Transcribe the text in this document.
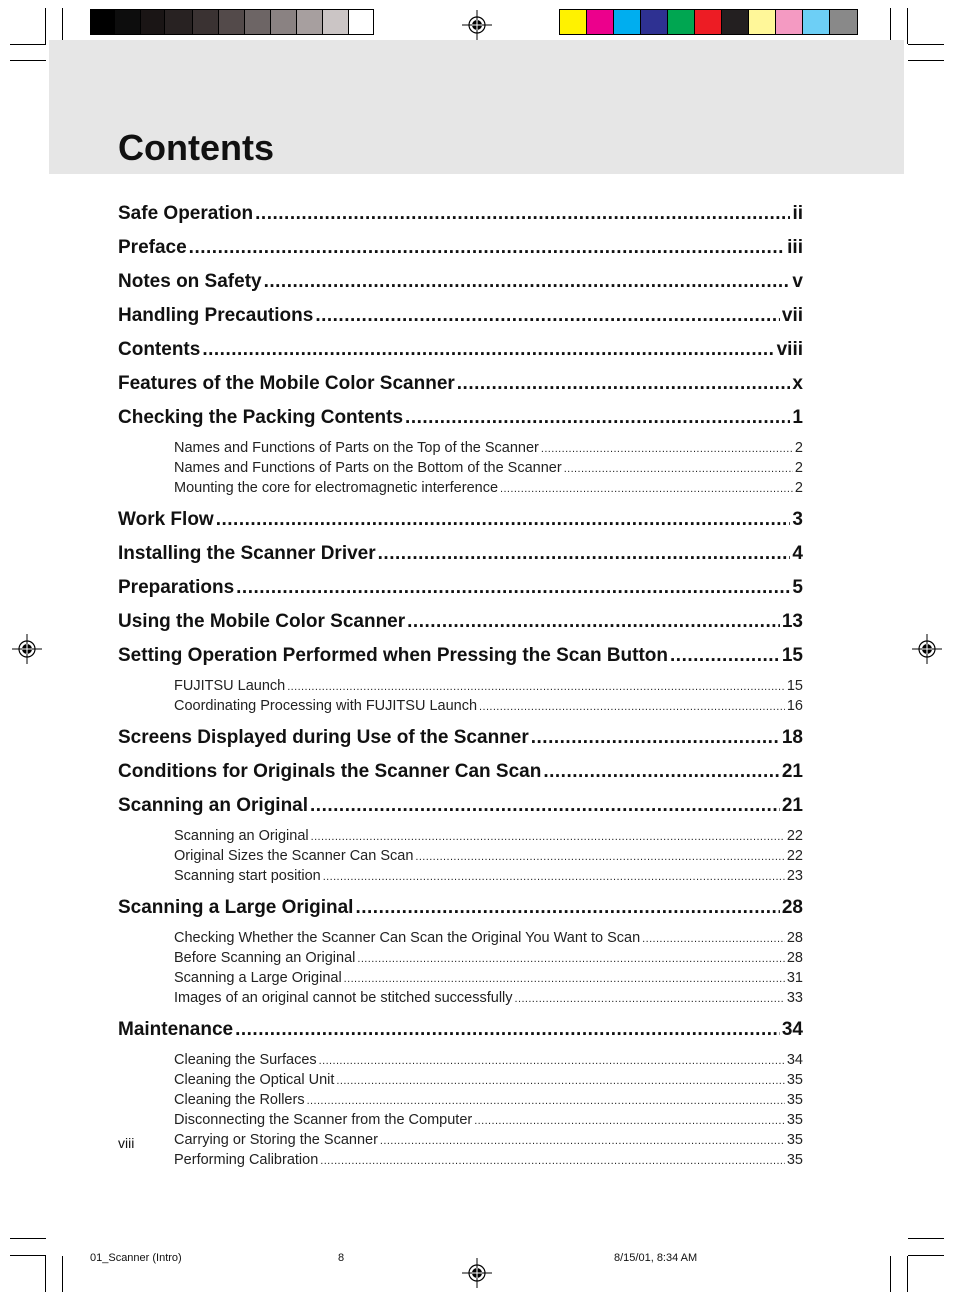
Contents
Safe Operation .....	ii
Preface .....	iii
Notes on Safety .....	v
Handling Precautions .....	vii
Contents .....	viii
Features of the Mobile Color Scanner .....	x
Checking the Packing Contents .....	1
Names and Functions of Parts on the Top of the Scanner .....	2
Names and Functions of Parts on the Bottom of the Scanner .....	2
Mounting the core for electromagnetic interference .....	2
Work Flow .....	3
Installing the Scanner Driver .....	4
Preparations .....	5
Using the Mobile Color Scanner .....	13
Setting Operation Performed when Pressing the Scan Button .....	15
FUJITSU Launch .....	15
Coordinating Processing with FUJITSU Launch .....	16
Screens Displayed during Use of the Scanner .....	18
Conditions for Originals the Scanner Can Scan .....	21
Scanning an Original .....	21
Scanning an Original .....	22
Original Sizes the Scanner Can Scan .....	22
Scanning start position .....	23
Scanning a Large Original .....	28
Checking Whether the Scanner Can Scan the Original You Want to Scan .....	28
Before Scanning an Original .....	28
Scanning a Large Original .....	31
Images of an original cannot be stitched successfully .....	33
Maintenance .....	34
Cleaning the Surfaces .....	34
Cleaning the Optical Unit .....	35
Cleaning the Rollers .....	35
Disconnecting the Scanner from the Computer .....	35
Carrying or Storing the Scanner .....	35
Performing Calibration .....	35
viii
01_Scanner (Intro)	8	8/15/01, 8:34 AM
